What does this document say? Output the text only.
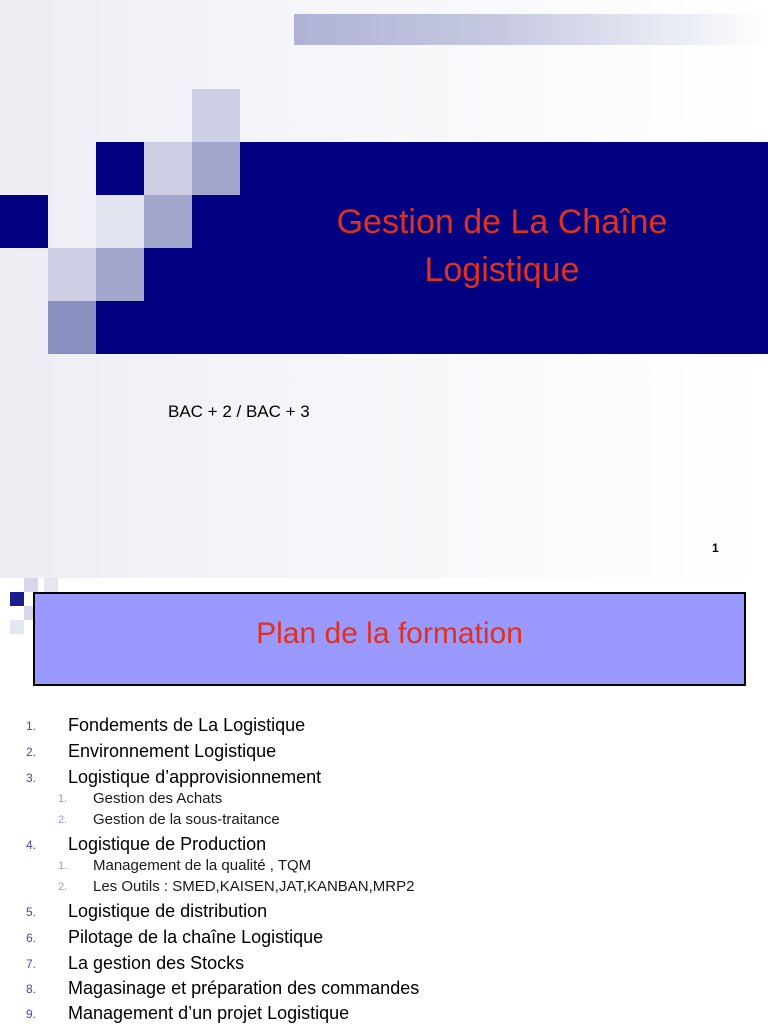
Gestion de La Chaîne
Logistique
BAC + 2 / BAC + 3
1
Plan de la formation
1. Fondements de La Logistique
2. Environnement Logistique
3. Logistique d’approvisionnement
1. Gestion des Achats
2. Gestion de la sous-traitance
4. Logistique de Production
1. Management de la qualité , TQM
2. Les Outils : SMED,KAISEN,JAT,KANBAN,MRP2
5. Logistique de distribution
6. Pilotage de la chaîne Logistique
7. La gestion des Stocks
8. Magasinage et préparation des commandes
9. Management d’un projet Logistique
